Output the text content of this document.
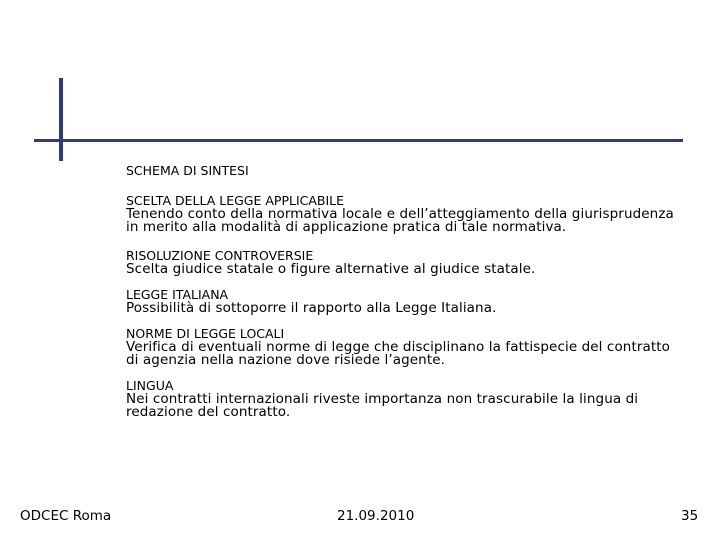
SCHEMA DI SINTESI
SCELTA DELLA LEGGE APPLICABILE
Tenendo conto della normativa locale e dell’atteggiamento della giurisprudenza
in merito alla modalità di applicazione pratica di tale normativa.
RISOLUZIONE CONTROVERSIE
Scelta giudice statale o figure alternative al giudice statale.
LEGGE ITALIANA
Possibilità di sottoporre il rapporto alla Legge Italiana.
NORME DI LEGGE LOCALI
Verifica di eventuali norme di legge che disciplinano la fattispecie del contratto
di agenzia nella nazione dove risiede l’agente.
LINGUA
Nei contratti internazionali riveste importanza non trascurabile la lingua di
redazione del contratto.
ODCEC Roma	21.09.2010	35
